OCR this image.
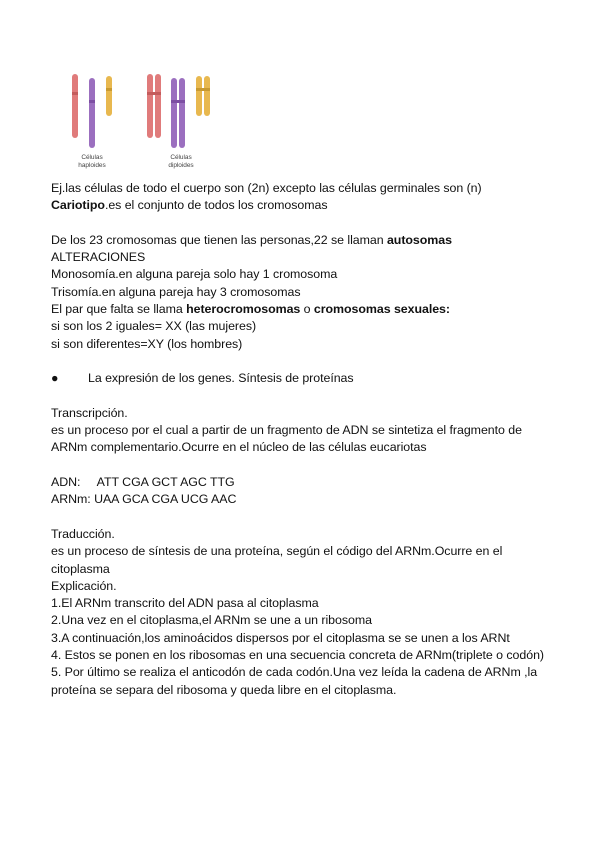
Células
haploides
Células
diploides
Ej.las células de todo el cuerpo son (2n) excepto las células germinales son (n)
Cariotipo.es el conjunto de todos los cromosomas
De los 23 cromosomas que tienen las personas,22 se llaman autosomas
ALTERACIONES
Monosomía.en alguna pareja solo hay 1 cromosoma
Trisomía.en alguna pareja hay 3 cromosomas
El par que falta se llama heterocromosomas o cromosomas sexuales:
si son los 2 iguales= XX (las mujeres)
si son diferentes=XY (los hombres)
●	La expresión de los genes. Síntesis de proteínas
Transcripción.
es un proceso por el cual a partir de un fragmento de ADN se sintetiza el fragmento de ARNm complementario.Ocurre en el núcleo de las células eucariotas
ADN:     ATT CGA GCT AGC TTG
ARNm: UAA GCA CGA UCG AAC
Traducción.
es un proceso de síntesis de una proteína, según el código del ARNm.Ocurre en el citoplasma
Explicación.
1.El ARNm transcrito del ADN pasa al citoplasma
2.Una vez en el citoplasma,el ARNm se une a un ribosoma
3.A continuación,los aminoácidos dispersos por el citoplasma se se unen a los ARNt
4. Estos se ponen en los ribosomas en una secuencia concreta de ARNm(triplete o codón)
5. Por último se realiza el anticodón de cada codón.Una vez leída la cadena de ARNm ,la proteína se separa del ribosoma y queda libre en el citoplasma.
